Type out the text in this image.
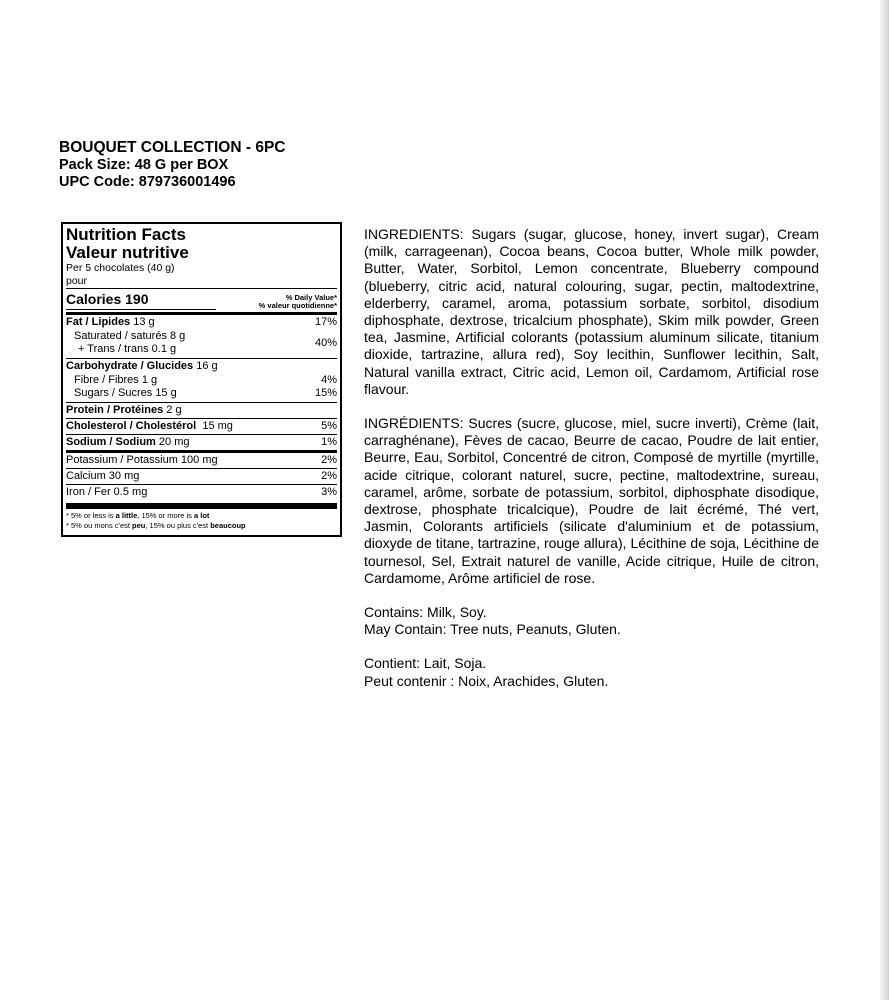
BOUQUET COLLECTION - 6PC
Pack Size: 48 G per BOX
UPC Code: 879736001496
Nutrition Facts
Valeur nutritive
Per 5 chocolates (40 g)
pour
Calories 190	% Daily Value*
% valeur quotidienne*
Fat / Lipides 13 g	17%
Saturated / saturés 8 g
+ Trans / trans 0.1 g
40%
Carbohydrate / Glucides 16 g
Fibre / Fibres 1 g	4%
Sugars / Sucres 15 g	15%
Protein / Protéines 2 g
Cholesterol / Cholestérol 15 mg	5%
Sodium / Sodium 20 mg	1%
Potassium / Potassium 100 mg	2%
Calcium 30 mg	2%
Iron / Fer 0.5 mg	3%
* 5% or less is a little, 15% or more is a lot
* 5% ou mons c'est peu, 15% ou plus c'est beaucoup

INGREDIENTS: Sugars (sugar, glucose, honey, invert sugar), Cream (milk, carrageenan), Cocoa beans, Cocoa butter, Whole milk powder, Butter, Water, Sorbitol, Lemon concentrate, Blueberry compound (blueberry, citric acid, natural colouring, sugar, pectin, maltodextrine, elderberry, caramel, aroma, potassium sorbate, sorbitol, disodium diphosphate, dextrose, tricalcium phosphate), Skim milk powder, Green tea, Jasmine, Artificial colorants (potassium aluminum silicate, titanium dioxide, tartrazine, allura red), Soy lecithin, Sunflower lecithin, Salt, Natural vanilla extract, Citric acid, Lemon oil, Cardamom, Artificial rose flavour.

INGRÉDIENTS: Sucres (sucre, glucose, miel, sucre inverti), Crème (lait, carraghénane), Fèves de cacao, Beurre de cacao, Poudre de lait entier, Beurre, Eau, Sorbitol, Concentré de citron, Composé de myrtille (myrtille, acide citrique, colorant naturel, sucre, pectine, maltodextrine, sureau, caramel, arôme, sorbate de potassium, sorbitol, diphosphate disodique, dextrose, phosphate tricalcique), Poudre de lait écrémé, Thé vert, Jasmin, Colorants artificiels (silicate d'aluminium et de potassium, dioxyde de titane, tartrazine, rouge allura), Lécithine de soja, Lécithine de tournesol, Sel, Extrait naturel de vanille, Acide citrique, Huile de citron, Cardamome, Arôme artificiel de rose.

Contains: Milk, Soy.
May Contain: Tree nuts, Peanuts, Gluten.
Contient: Lait, Soja.
Peut contenir : Noix, Arachides, Gluten.
